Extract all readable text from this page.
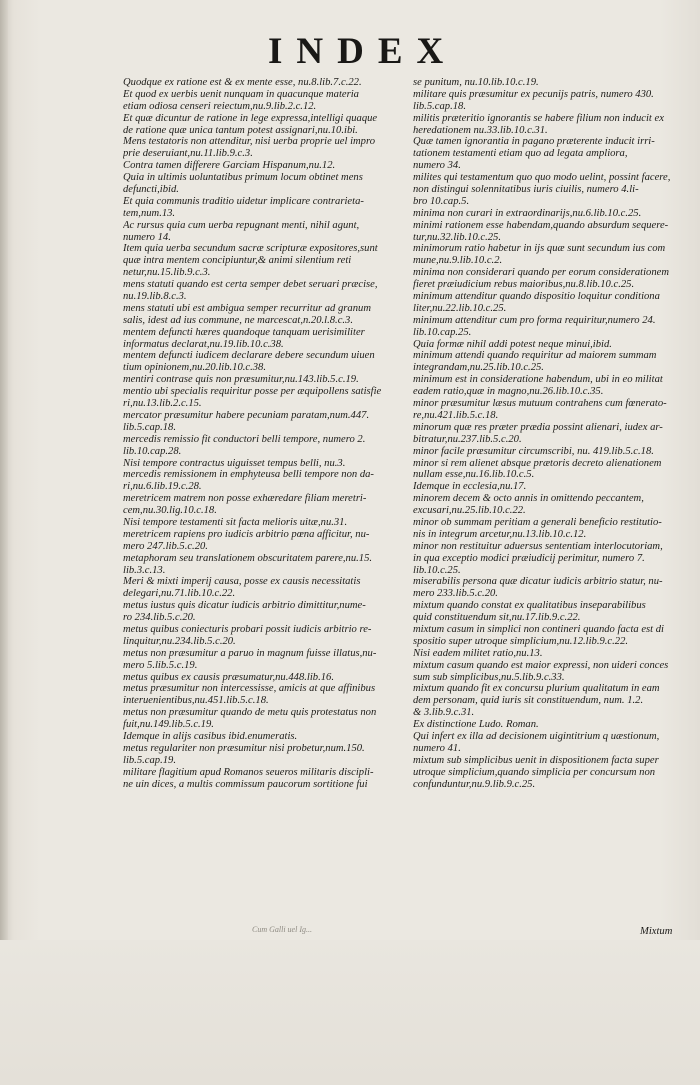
INDEX
Quodque ex ratione est & ex mente esse, nu.8.lib.7.c.22.
Et quod ex uerbis uenit nunquam in quacunque materia
etiam odiosa censeri reiectum,nu.9.lib.2.c.12.
Et quæ dicuntur de ratione in lege expressa,intelligi quaque
de ratione quæ unica tantum potest assignari,nu.10.ibi.
Mens testatoris non attenditur, nisi uerba proprie uel impro
prie deseruiant,nu.11.lib.9.c.3.
Contra tamen differere Garciam Hispanum,nu.12.
Quia in ultimis uoluntatibus primum locum obtinet mens
defuncti,ibid.
Et quia communis traditio uidetur implicare contrarieta-
tem,num.13.
Ac rursus quia cum uerba repugnant menti, nihil agunt,
numero 14.
Item quia uerba secundum sacræ scripturæ expositores,sunt
quæ intra mentem concipiuntur,& animi silentium reti
netur,nu.15.lib.9.c.3.
mens statuti quando est certa semper debet seruari præcise,
nu.19.lib.8.c.3.
mens statuti ubi est ambigua semper recurritur ad granum
salis, idest ad ius commune, ne marcescat,n.20.l.8.c.3.
mentem defuncti hæres quandoque tanquam uerisimiliter
informatus declarat,nu.19.lib.10.c.38.
mentem defuncti iudicem declarare debere secundum uiuen
tium opinionem,nu.20.lib.10.c.38.
mentiri contrase quis non præsumitur,nu.143.lib.5.c.19.
mentio ubi specialis requiritur posse per æquipollens satisfie
ri,nu.13.lib.2.c.15.
mercator præsumitur habere pecuniam paratam,num.447.
lib.5.cap.18.
mercedis remissio fit conductori belli tempore, numero 2.
lib.10.cap.28.
Nisi tempore contractus uiguisset tempus belli, nu.3.
mercedis remissionem in emphyteusa belli tempore non da-
ri,nu.6.lib.19.c.28.
meretricem matrem non posse exhæredare filiam meretri-
cem,nu.30.lig.10.c.18.
Nisi tempore testamenti sit facta melioris uitæ,nu.31.
meretricem rapiens pro iudicis arbitrio pœna afficitur, nu-
mero 247.lib.5.c.20.
metaphoram seu translationem obscuritatem parere,nu.15.
lib.3.c.13.
Meri & mixti imperij causa, posse ex causis necessitatis
delegari,nu.71.lib.10.c.22.
metus iustus quis dicatur iudicis arbitrio dimittitur,nume-
ro 234.lib.5.c.20.
metus quibus coniecturis probari possit iudicis arbitrio re-
linquitur,nu.234.lib.5.c.20.
metus non præsumitur a paruo in magnum fuisse illatus,nu-
mero 5.lib.5.c.19.
metus quibus ex causis præsumatur,nu.448.lib.16.
metus præsumitur non intercessisse, amicis at que affinibus
interuenientibus,nu.451.lib.5.c.18.
metus non præsumitur quando de metu quis protestatus non
fuit,nu.149.lib.5.c.19.
Idemque in alijs casibus ibid.enumeratis.
metus regulariter non præsumitur nisi probetur,num.150.
lib.5.cap.19.
militare flagitium apud Romanos seueros militaris discipli-
ne uin dices, a multis commissum paucorum sortitione fui
se punitum, nu.10.lib.10.c.19.
militare quis præsumitur ex pecunijs patris, numero 430.
lib.5.cap.18.
militis præteritio ignorantis se habere filium non inducit ex
heredationem nu.33.lib.10.c.31.
Quæ tamen ignorantia in pagano præterente inducit irri-
tationem testamenti etiam quo ad legata ampliora,
numero 34.
milites qui testamentum quo quo modo uelint, possint facere,
non distingui solennitatibus iuris ciuilis, numero 4.li-
bro 10.cap.5.
minima non curari in extraordinarijs,nu.6.lib.10.c.25.
minimi rationem esse habendam,quando absurdum sequere-
tur,nu.32.lib.10.c.25.
minimorum ratio habetur in ijs quæ sunt secundum ius com
mune,nu.9.lib.10.c.2.
minima non considerari quando per eorum considerationem
fieret præiudicium rebus maioribus,nu.8.lib.10.c.25.
minimum attenditur quando dispositio loquitur conditiona
liter,nu.22.lib.10.c.25.
minimum attenditur cum pro forma requiritur,numero 24.
lib.10.cap.25.
Quia formæ nihil addi potest neque minui,ibid.
minimum attendi quando requiritur ad maiorem summam
integrandam,nu.25.lib.10.c.25.
minimum est in consideratione habendum, ubi in eo militat
eadem ratio,quæ in magno,nu.26.lib.10.c.35.
minor præsumitur læsus mutuum contrahens cum fœnerato-
re,nu.421.lib.5.c.18.
minorum quæ res præter prædia possint alienari, iudex ar-
bitratur,nu.237.lib.5.c.20.
minor facile præsumitur circumscribi, nu. 419.lib.5.c.18.
minor si rem alienet absque prætoris decreto alienationem
nullam esse,nu.16.lib.10.c.5.
Idemque in ecclesia,nu.17.
minorem decem & octo annis in omittendo peccantem,
excusari,nu.25.lib.10.c.22.
minor ob summam peritiam a generali beneficio restitutio-
nis in integrum arcetur,nu.13.lib.10.c.12.
minor non restituitur aduersus sententiam interlocutoriam,
in qua exceptio modici præiudicij perimitur, numero 7.
lib.10.c.25.
miserabilis persona quæ dicatur iudicis arbitrio statur, nu-
mero 233.lib.5.c.20.
mixtum quando constat ex qualitatibus inseparabilibus
quid constituendum sit,nu.17.lib.9.c.22.
mixtum casum in simplici non contineri quando facta est di
spositio super utroque simplicium,nu.12.lib.9.c.22.
Nisi eadem militet ratio,nu.13.
mixtum casum quando est maior expressi, non uideri conces
sum sub simplicibus,nu.5.lib.9.c.33.
mixtum quando fit ex concursu plurium qualitatum in eam
dem personam, quid iuris sit constituendum, num. 1.2.
& 3.lib.9.c.31.
Ex distinctione Ludo. Roman.
Qui infert ex illa ad decisionem uigintitrium q uæstionum,
numero 41.
mixtum sub simplicibus uenit in dispositionem facta super
utroque simplicium,quando simplicia per concursum non
confunduntur,nu.9.lib.9.c.25.
Cum Galli uel Ig...	Mixtum
